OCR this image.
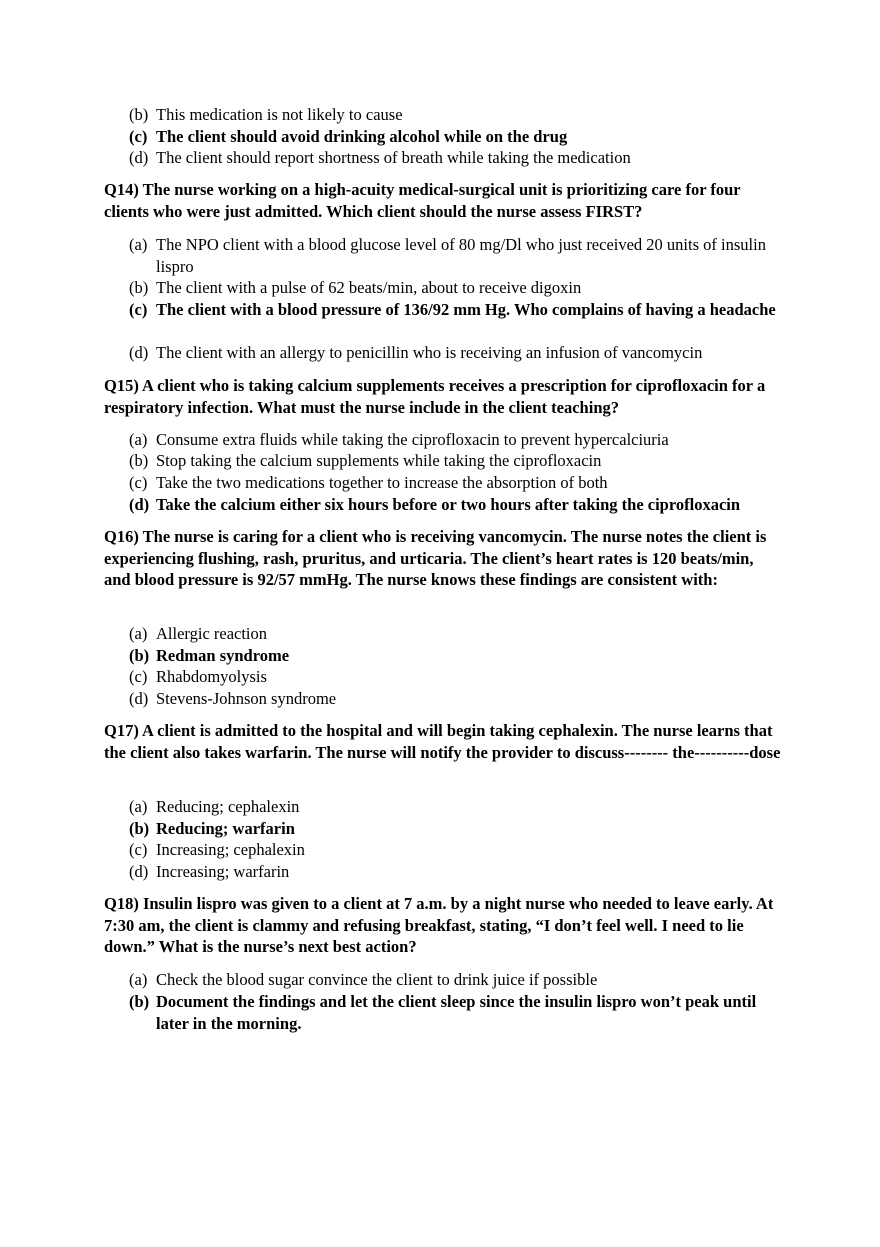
(b) This medication is not likely to cause
(c) The client should avoid drinking alcohol while on the drug
(d) The client should report shortness of breath while taking the medication
Q14) The nurse working on a high-acuity medical-surgical unit is prioritizing care for four clients who were just admitted. Which client should the nurse assess FIRST?
(a) The NPO client with a blood glucose level of 80 mg/Dl who just received 20 units of insulin lispro
(b) The client with a pulse of 62 beats/min, about to receive digoxin
(c) The client with a blood pressure of 136/92 mm Hg. Who complains of having a headache
(d) The client with an allergy to penicillin who is receiving an infusion of vancomycin
Q15) A client who is taking calcium supplements receives a prescription for ciprofloxacin for a respiratory infection. What must the nurse include in the client teaching?
(a) Consume extra fluids while taking the ciprofloxacin to prevent hypercalciuria
(b) Stop taking the calcium supplements while taking the ciprofloxacin
(c) Take the two medications together to increase the absorption of both
(d) Take the calcium either six hours before or two hours after taking the ciprofloxacin
Q16) The nurse is caring for a client who is receiving vancomycin. The nurse notes the client is experiencing flushing, rash, pruritus, and urticaria. The client’s heart rates is 120 beats/min, and blood pressure is 92/57 mmHg. The nurse knows these findings are consistent with:
(a) Allergic reaction
(b) Redman syndrome
(c) Rhabdomyolysis
(d) Stevens-Johnson syndrome
Q17) A client is admitted to the hospital and will begin taking cephalexin. The nurse learns that the client also takes warfarin. The nurse will notify the provider to discuss-------- the----------dose
(a) Reducing; cephalexin
(b) Reducing; warfarin
(c) Increasing; cephalexin
(d) Increasing; warfarin
Q18) Insulin lispro was given to a client at 7 a.m. by a night nurse who needed to leave early. At 7:30 am, the client is clammy and refusing breakfast, stating, “I don’t feel well. I need to lie down.” What is the nurse’s next best action?
(a) Check the blood sugar convince the client to drink juice if possible
(b) Document the findings and let the client sleep since the insulin lispro won’t peak until later in the morning.
